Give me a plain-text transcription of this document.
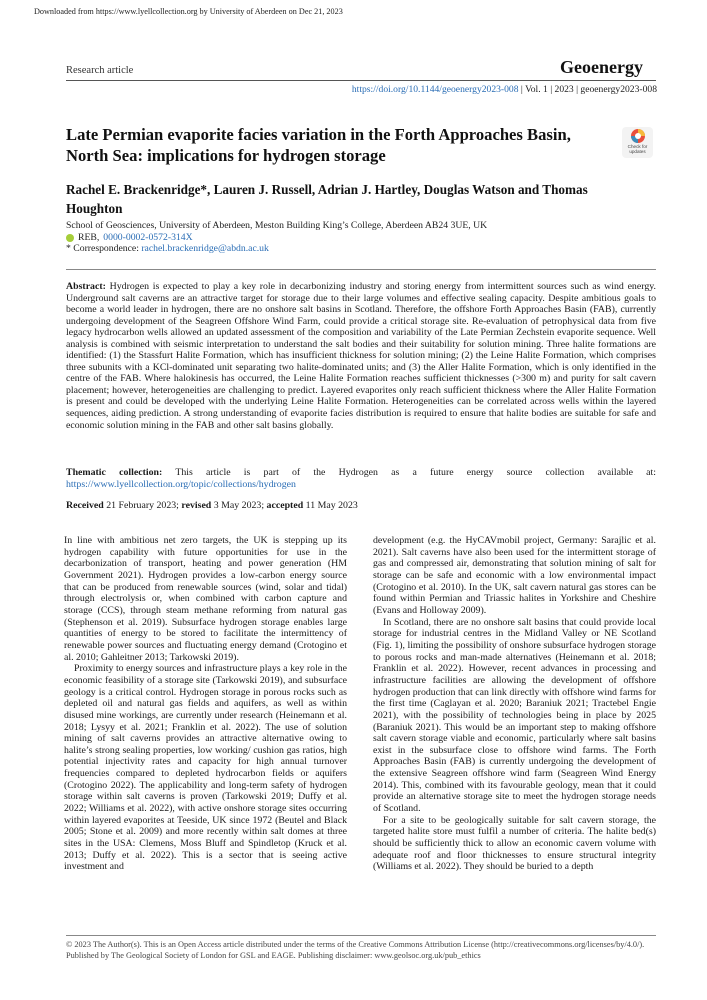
Downloaded from https://www.lyellcollection.org by University of Aberdeen on Dec 21, 2023
Research article	Geoenergy
https://doi.org/10.1144/geoenergy2023-008 | Vol. 1 | 2023 | geoenergy2023-008
Late Permian evaporite facies variation in the Forth Approaches Basin, North Sea: implications for hydrogen storage	Check for
updates
Rachel E. Brackenridge*, Lauren J. Russell, Adrian J. Hartley, Douglas Watson and Thomas Houghton
School of Geosciences, University of Aberdeen, Meston Building King’s College, Aberdeen AB24 3UE, UK
REB, 0000-0002-0572-314X
* Correspondence: rachel.brackenridge@abdn.ac.uk
Abstract: Hydrogen is expected to play a key role in decarbonizing industry and storing energy from intermittent sources such as wind energy. Underground salt caverns are an attractive target for storage due to their large volumes and effective sealing capacity. Despite ambitious goals to become a world leader in hydrogen, there are no onshore salt basins in Scotland. Therefore, the offshore Forth Approaches Basin (FAB), currently undergoing development of the Seagreen Offshore Wind Farm, could provide a critical storage site. Re-evaluation of petrophysical data from five legacy hydrocarbon wells allowed an updated assessment of the composition and variability of the Late Permian Zechstein evaporite sequence. Well analysis is combined with seismic interpretation to understand the salt bodies and their suitability for solution mining. Three halite formations are identified: (1) the Stassfurt Halite Formation, which has insufficient thickness for solution mining; (2) the Leine Halite Formation, which comprises three subunits with a KCl-dominated unit separating two halite-dominated units; and (3) the Aller Halite Formation, which is only identified in the centre of the FAB. Where halokinesis has occurred, the Leine Halite Formation reaches sufficient thicknesses (>300 m) and purity for salt cavern placement; however, heterogeneities are challenging to predict. Layered evaporites only reach sufficient thickness where the Aller Halite Formation is present and could be developed with the underlying Leine Halite Formation. Heterogeneities can be correlated across wells within the layered sequences, aiding prediction. A strong understanding of evaporite facies distribution is required to ensure that halite bodies are suitable for safe and economic solution mining in the FAB and other salt basins globally.
Thematic collection: This article is part of the Hydrogen as a future energy source collection available at: https://www.lyellcollection.org/topic/collections/hydrogen
Received 21 February 2023; revised 3 May 2023; accepted 11 May 2023

In line with ambitious net zero targets, the UK is stepping up its hydrogen capability with future opportunities for use in the decarbonization of transport, heating and power generation (HM Government 2021). Hydrogen provides a low-carbon energy source that can be produced from renewable sources (wind, solar and tidal) through electrolysis or, when combined with carbon capture and storage (CCS), through steam methane reforming from natural gas (Stephenson et al. 2019). Subsurface hydrogen storage enables large quantities of energy to be stored to facilitate the intermittency of renewable power sources and fluctuating energy demand (Crotogino et al. 2010; Gahleitner 2013; Tarkowski 2019).

Proximity to energy sources and infrastructure plays a key role in the economic feasibility of a storage site (Tarkowski 2019), and subsurface geology is a critical control. Hydrogen storage in porous rocks such as depleted oil and natural gas fields and aquifers, as well as within disused mine workings, are currently under research (Heinemann et al. 2018; Lysyy et al. 2021; Franklin et al. 2022). The use of solution mining of salt caverns provides an attractive alternative owing to halite’s strong sealing properties, low working/ cushion gas ratios, high potential injectivity rates and capacity for high annual turnover frequencies compared to depleted hydrocarbon fields or aquifers (Crotogino 2022). The applicability and long-term safety of hydrogen storage within salt caverns is proven (Tarkowski 2019; Duffy et al. 2022; Williams et al. 2022), with active onshore storage sites occurring within layered evaporites at Teeside, UK since 1972 (Beutel and Black 2005; Stone et al. 2009) and more recently within salt domes at three sites in the USA: Clemens, Moss Bluff and Spindletop (Kruck et al. 2013; Duffy et al. 2022). This is a sector that is seeing active investment and

development (e.g. the HyCAVmobil project, Germany: Sarajlic et al. 2021). Salt caverns have also been used for the intermittent storage of gas and compressed air, demonstrating that solution mining of salt for storage can be safe and economic with a low environmental impact (Crotogino et al. 2010). In the UK, salt cavern natural gas stores can be found within Permian and Triassic halites in Yorkshire and Cheshire (Evans and Holloway 2009).

In Scotland, there are no onshore salt basins that could provide local storage for industrial centres in the Midland Valley or NE Scotland (Fig. 1), limiting the possibility of onshore subsurface hydrogen storage to porous rocks and man-made alternatives (Heinemann et al. 2018; Franklin et al. 2022). However, recent advances in processing and infrastructure facilities are allowing the development of offshore hydrogen production that can link directly with offshore wind farms for the first time (Caglayan et al. 2020; Baraniuk 2021; Tractebel Engie 2021), with the possibility of technologies being in place by 2025 (Baraniuk 2021). This would be an important step to making offshore salt cavern storage viable and economic, particularly where salt basins exist in the subsurface close to offshore wind farms. The Forth Approaches Basin (FAB) is currently undergoing the development of the extensive Seagreen offshore wind farm (Seagreen Wind Energy 2014). This, combined with its favourable geology, mean that it could provide an alternative storage site to meet the hydrogen storage needs of Scotland.

For a site to be geologically suitable for salt cavern storage, the targeted halite store must fulfil a number of criteria. The halite bed(s) should be sufficiently thick to allow an economic cavern volume with adequate roof and floor thicknesses to ensure structural integrity (Williams et al. 2022). They should be buried to a depth

© 2023 The Author(s). This is an Open Access article distributed under the terms of the Creative Commons Attribution License (http://creativecommons.org/licenses/by/4.0/). Published by The Geological Society of London for GSL and EAGE. Publishing disclaimer: www.geolsoc.org.uk/pub_ethics
